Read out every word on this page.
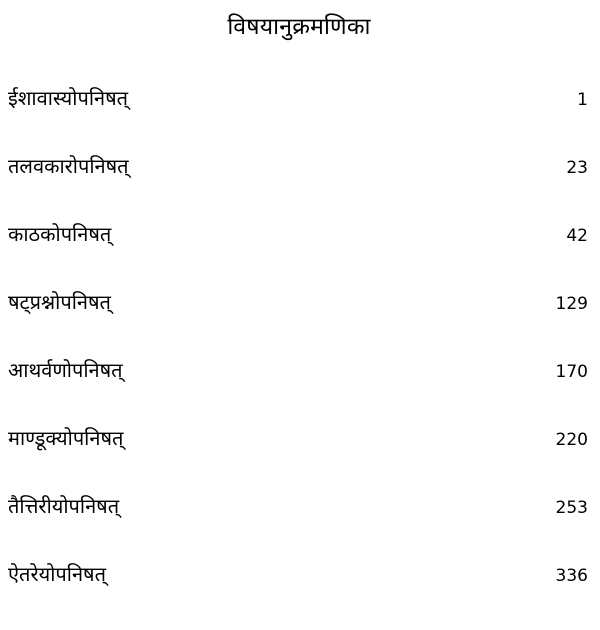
विषयानुक्रमणिका
ईशावास्योपनिषत्	1
तलवकारोपनिषत्	23
काठकोपनिषत्	42
षट्प्रश्नोपनिषत्	129
आथर्वणोपनिषत्	170
माण्डूक्योपनिषत्	220
तैत्तिरीयोपनिषत्	253
ऐतरेयोपनिषत्	336
